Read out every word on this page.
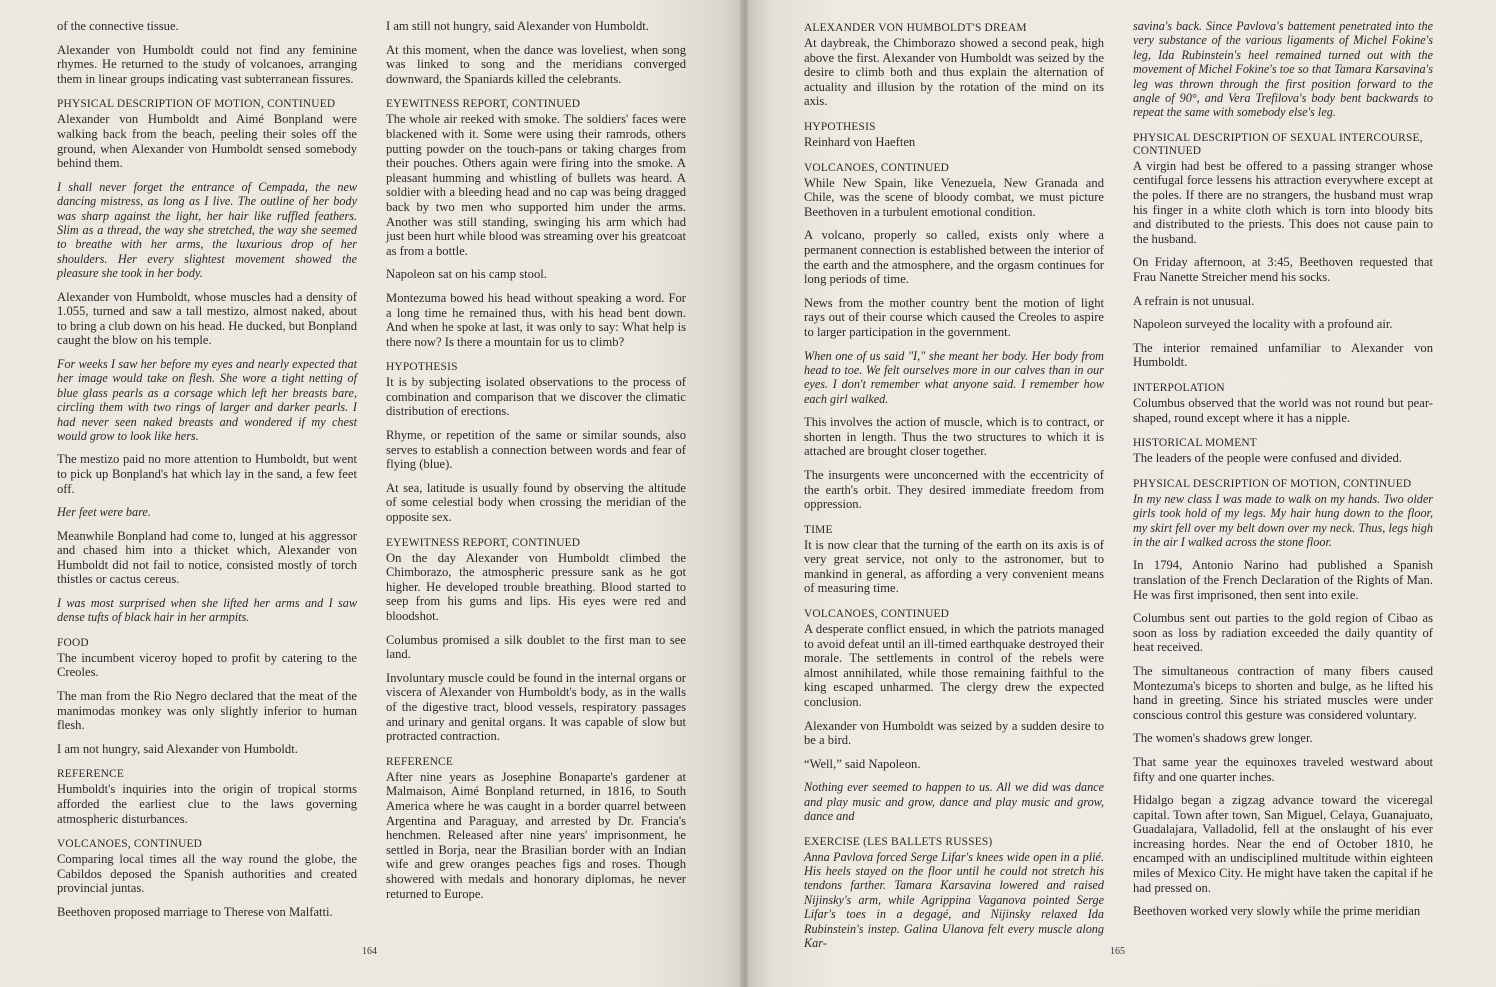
of the connective tissue.

Alexander von Humboldt could not find any feminine rhymes. He returned to the study of volcanoes, arranging them in linear groups indicating vast subterranean fissures.

PHYSICAL DESCRIPTION OF MOTION, CONTINUED

Alexander von Humboldt and Aimé Bonpland were walking back from the beach, peeling their soles off the ground, when Alexander von Humboldt sensed somebody behind them.

I shall never forget the entrance of Cempada, the new dancing mistress, as long as I live. The outline of her body was sharp against the light, her hair like ruffled feathers. Slim as a thread, the way she stretched, the way she seemed to breathe with her arms, the luxurious drop of her shoulders. Her every slightest movement showed the pleasure she took in her body.

Alexander von Humboldt, whose muscles had a density of 1.055, turned and saw a tall mestizo, almost naked, about to bring a club down on his head. He ducked, but Bonpland caught the blow on his temple.

For weeks I saw her before my eyes and nearly expected that her image would take on flesh. She wore a tight netting of blue glass pearls as a corsage which left her breasts bare, circling them with two rings of larger and darker pearls. I had never seen naked breasts and wondered if my chest would grow to look like hers.

The mestizo paid no more attention to Humboldt, but went to pick up Bonpland's hat which lay in the sand, a few feet off.

Her feet were bare.

Meanwhile Bonpland had come to, lunged at his aggressor and chased him into a thicket which, Alexander von Humboldt did not fail to notice, consisted mostly of torch thistles or cactus cereus.

I was most surprised when she lifted her arms and I saw dense tufts of black hair in her armpits.

FOOD

The incumbent viceroy hoped to profit by catering to the Creoles.

The man from the Rio Negro declared that the meat of the manimodas monkey was only slightly inferior to human flesh.

I am not hungry, said Alexander von Humboldt.

REFERENCE

Humboldt's inquiries into the origin of tropical storms afforded the earliest clue to the laws governing atmospheric disturbances.

VOLCANOES, CONTINUED

Comparing local times all the way round the globe, the Cabildos deposed the Spanish authorities and created provincial juntas.

Beethoven proposed marriage to Therese von Malfatti.

I am still not hungry, said Alexander von Humboldt.

At this moment, when the dance was loveliest, when song was linked to song and the meridians converged downward, the Spaniards killed the celebrants.

EYEWITNESS REPORT, CONTINUED

The whole air reeked with smoke. The soldiers' faces were blackened with it. Some were using their ramrods, others putting powder on the touch-pans or taking charges from their pouches. Others again were firing into the smoke. A pleasant humming and whistling of bullets was heard. A soldier with a bleeding head and no cap was being dragged back by two men who supported him under the arms. Another was still standing, swinging his arm which had just been hurt while blood was streaming over his greatcoat as from a bottle.

Napoleon sat on his camp stool.

Montezuma bowed his head without speaking a word. For a long time he remained thus, with his head bent down. And when he spoke at last, it was only to say: What help is there now? Is there a mountain for us to climb?

HYPOTHESIS

It is by subjecting isolated observations to the process of combination and comparison that we discover the climatic distribution of erections.

Rhyme, or repetition of the same or similar sounds, also serves to establish a connection between words and fear of flying (blue).

At sea, latitude is usually found by observing the altitude of some celestial body when crossing the meridian of the opposite sex.

EYEWITNESS REPORT, CONTINUED

On the day Alexander von Humboldt climbed the Chimborazo, the atmospheric pressure sank as he got higher. He developed trouble breathing. Blood started to seep from his gums and lips. His eyes were red and bloodshot.

Columbus promised a silk doublet to the first man to see land.

Involuntary muscle could be found in the internal organs or viscera of Alexander von Humboldt's body, as in the walls of the digestive tract, blood vessels, respiratory passages and urinary and genital organs. It was capable of slow but protracted contraction.

REFERENCE

After nine years as Josephine Bonaparte's gardener at Malmaison, Aimé Bonpland returned, in 1816, to South America where he was caught in a border quarrel between Argentina and Paraguay, and arrested by Dr. Francia's henchmen. Released after nine years' imprisonment, he settled in Borja, near the Brasilian border with an Indian wife and grew oranges peaches figs and roses. Though showered with medals and honorary diplomas, he never returned to Europe.

164
ALEXANDER VON HUMBOLDT'S DREAM

At daybreak, the Chimborazo showed a second peak, high above the first. Alexander von Humboldt was seized by the desire to climb both and thus explain the alternation of actuality and illusion by the rotation of the mind on its axis.

HYPOTHESIS

Reinhard von Haeften

VOLCANOES, CONTINUED

While New Spain, like Venezuela, New Granada and Chile, was the scene of bloody combat, we must picture Beethoven in a turbulent emotional condition.

A volcano, properly so called, exists only where a permanent connection is established between the interior of the earth and the atmosphere, and the orgasm continues for long periods of time.

News from the mother country bent the motion of light rays out of their course which caused the Creoles to aspire to larger participation in the government.

When one of us said "I," she meant her body. Her body from head to toe. We felt ourselves more in our calves than in our eyes. I don't remember what anyone said. I remember how each girl walked.

This involves the action of muscle, which is to contract, or shorten in length. Thus the two structures to which it is attached are brought closer together.

The insurgents were unconcerned with the eccentricity of the earth's orbit. They desired immediate freedom from oppression.

TIME

It is now clear that the turning of the earth on its axis is of very great service, not only to the astronomer, but to mankind in general, as affording a very convenient means of measuring time.

VOLCANOES, CONTINUED

A desperate conflict ensued, in which the patriots managed to avoid defeat until an ill-timed earthquake destroyed their morale. The settlements in control of the rebels were almost annihilated, while those remaining faithful to the king escaped unharmed. The clergy drew the expected conclusion.

Alexander von Humboldt was seized by a sudden desire to be a bird.

“Well,” said Napoleon.

Nothing ever seemed to happen to us. All we did was dance and play music and grow, dance and play music and grow, dance and

EXERCISE (LES BALLETS RUSSES)

Anna Pavlova forced Serge Lifar's knees wide open in a plié. His heels stayed on the floor until he could not stretch his tendons farther. Tamara Karsavina lowered and raised Nijinsky's arm, while Agrippina Vaganova pointed Serge Lifar's toes in a degagé, and Nijinsky relaxed Ida Rubinstein's instep. Galina Ulanova felt every muscle along Kar-

savina's back. Since Pavlova's battement penetrated into the very substance of the various ligaments of Michel Fokine's leg, Ida Rubinstein's heel remained turned out with the movement of Michel Fokine's toe so that Tamara Karsavina's leg was thrown through the first position forward to the angle of 90°, and Vera Trefilova's body bent backwards to repeat the same with somebody else's leg.

PHYSICAL DESCRIPTION OF SEXUAL INTERCOURSE, CONTINUED

A virgin had best be offered to a passing stranger whose centifugal force lessens his attraction everywhere except at the poles. If there are no strangers, the husband must wrap his finger in a white cloth which is torn into bloody bits and distributed to the priests. This does not cause pain to the husband.

On Friday afternoon, at 3:45, Beethoven requested that Frau Nanette Streicher mend his socks.

A refrain is not unusual.

Napoleon surveyed the locality with a profound air.

The interior remained unfamiliar to Alexander von Humboldt.

INTERPOLATION

Columbus observed that the world was not round but pear-shaped, round except where it has a nipple.

HISTORICAL MOMENT

The leaders of the people were confused and divided.

PHYSICAL DESCRIPTION OF MOTION, CONTINUED

In my new class I was made to walk on my hands. Two older girls took hold of my legs. My hair hung down to the floor, my skirt fell over my belt down over my neck. Thus, legs high in the air I walked across the stone floor.

In 1794, Antonio Narino had published a Spanish translation of the French Declaration of the Rights of Man. He was first imprisoned, then sent into exile.

Columbus sent out parties to the gold region of Cibao as soon as loss by radiation exceeded the daily quantity of heat received.

The simultaneous contraction of many fibers caused Montezuma's biceps to shorten and bulge, as he lifted his hand in greeting. Since his striated muscles were under conscious control this gesture was considered voluntary.

The women's shadows grew longer.

That same year the equinoxes traveled westward about fifty and one quarter inches.

Hidalgo began a zigzag advance toward the viceregal capital. Town after town, San Miguel, Celaya, Guanajuato, Guadalajara, Valladolid, fell at the onslaught of his ever increasing hordes. Near the end of October 1810, he encamped with an undisciplined multitude within eighteen miles of Mexico City. He might have taken the capital if he had pressed on.

Beethoven worked very slowly while the prime meridian

165
